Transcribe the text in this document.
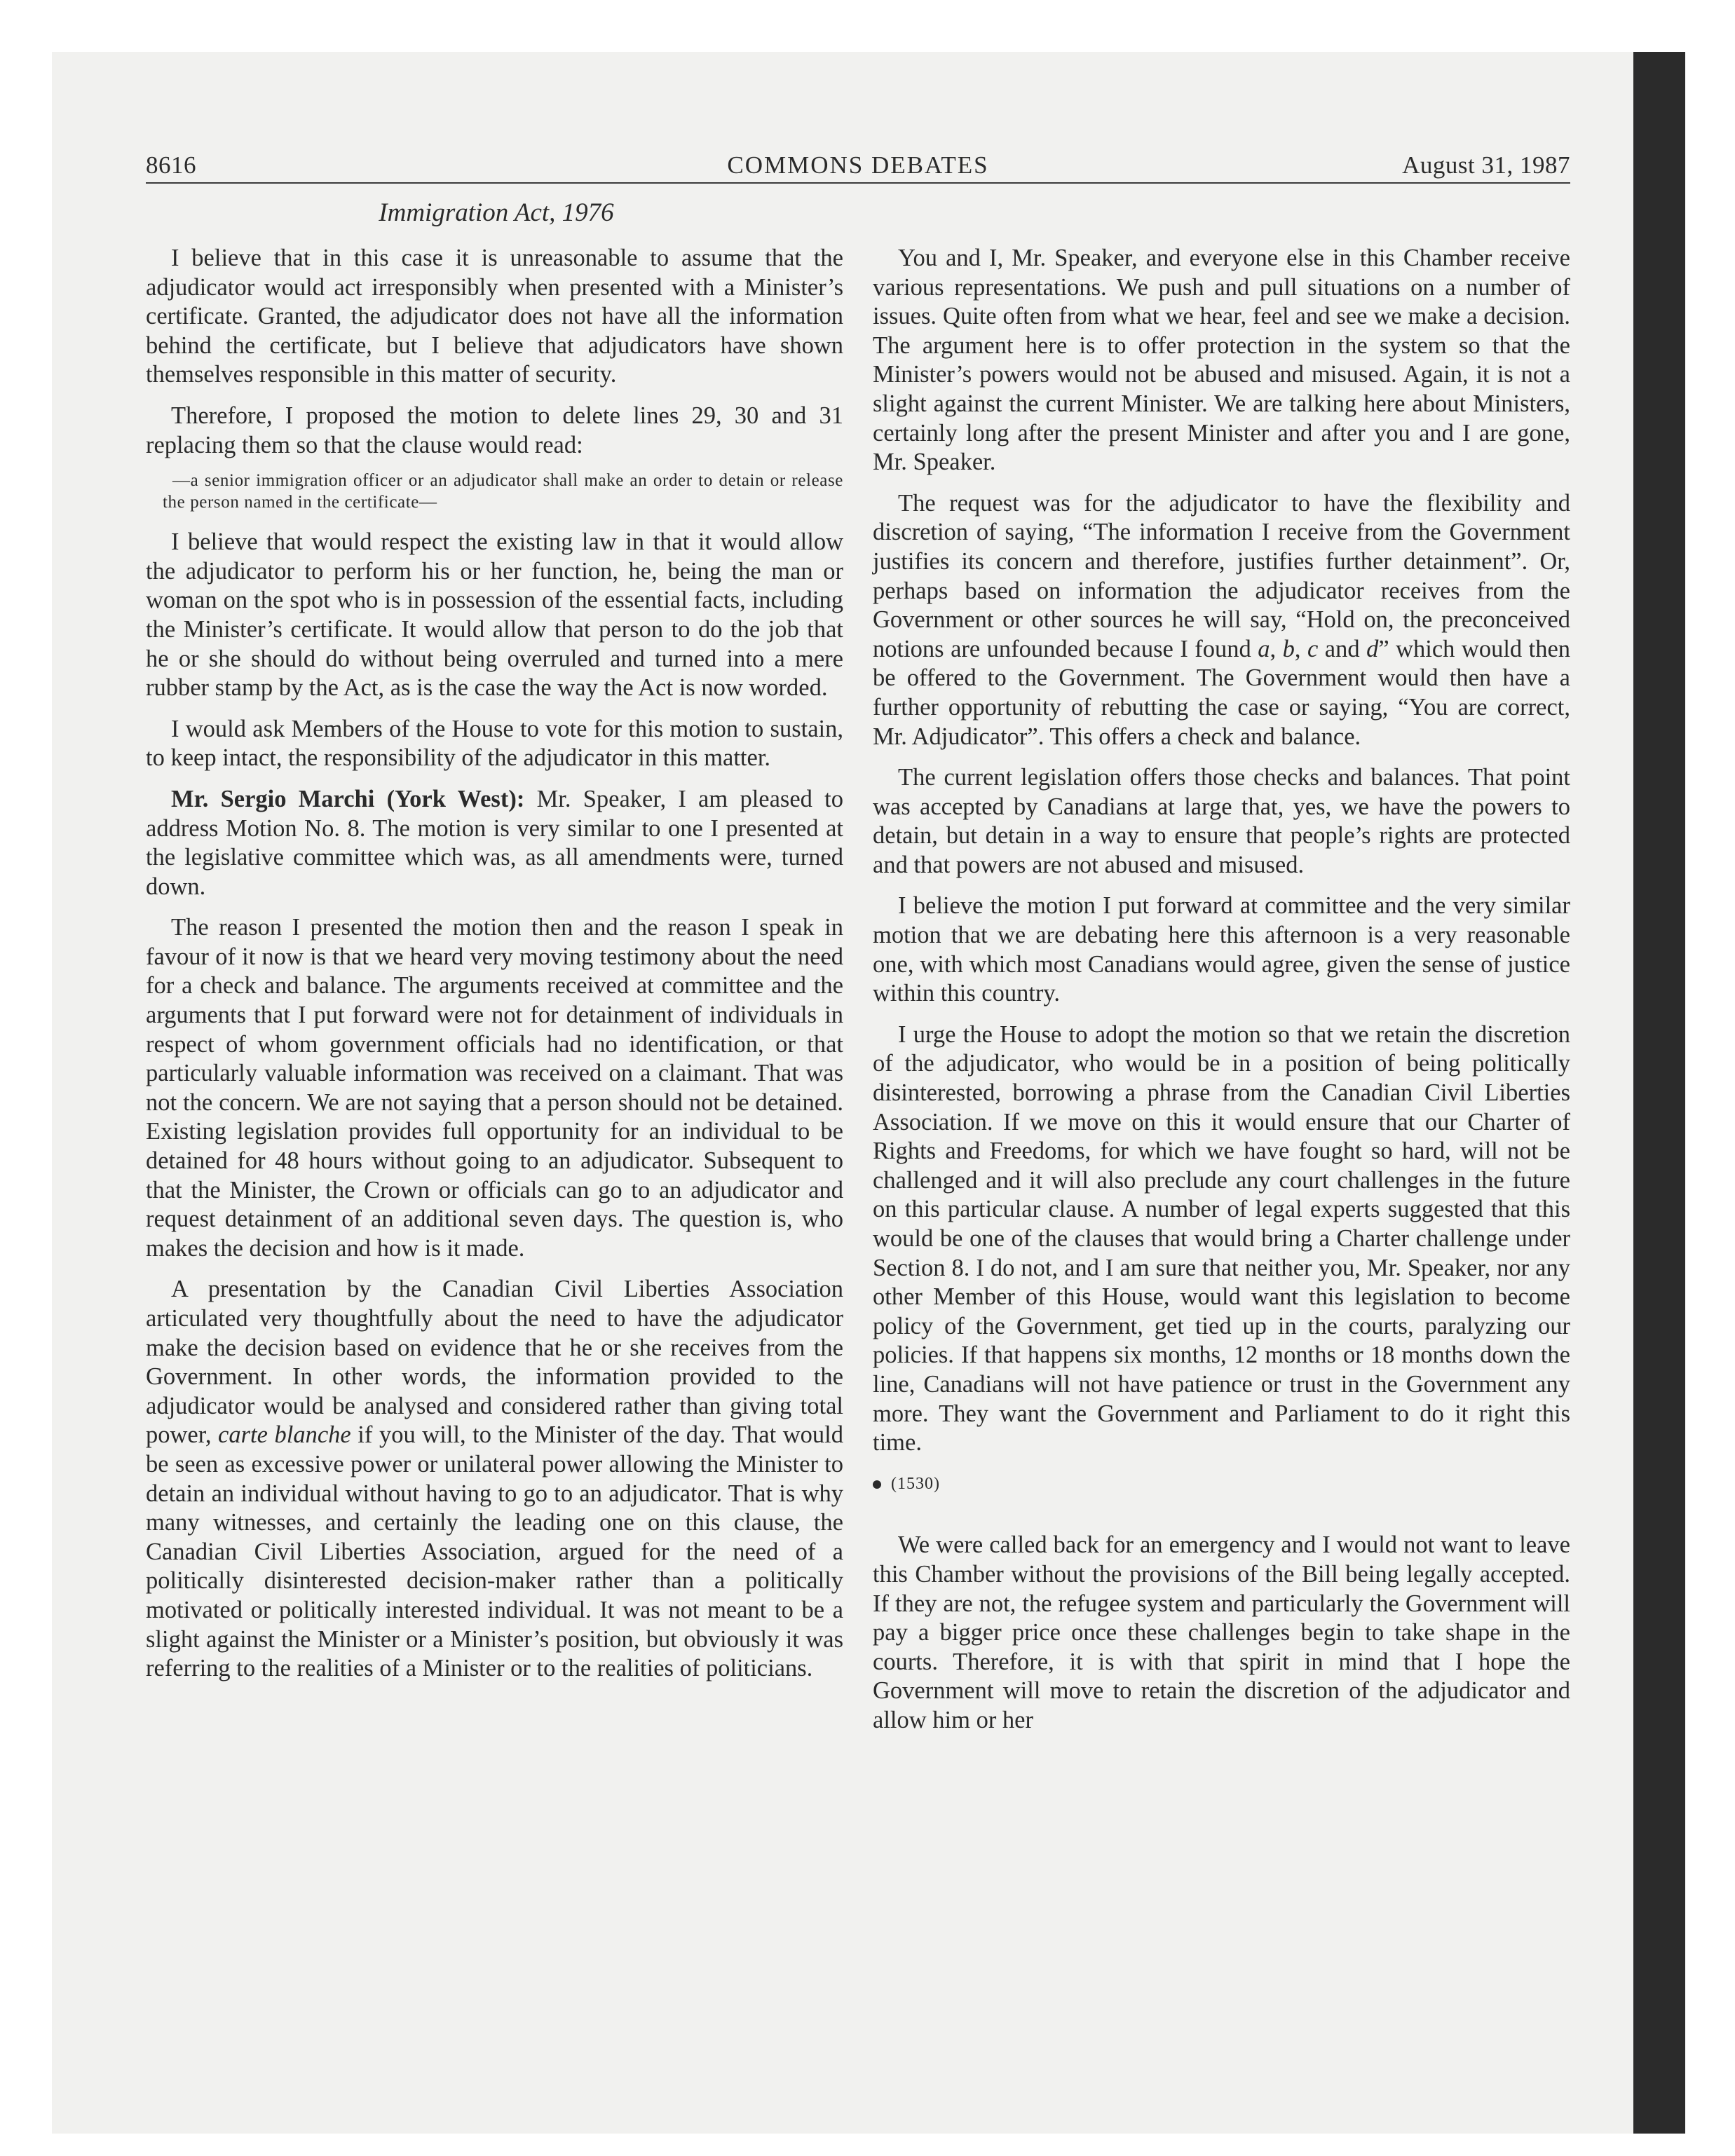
8616	COMMONS DEBATES	August 31, 1987
Immigration Act, 1976

I believe that in this case it is unreasonable to assume that the adjudicator would act irresponsibly when presented with a Minister’s certificate. Granted, the adjudicator does not have all the information behind the certificate, but I believe that adjudicators have shown themselves responsible in this matter of security.

Therefore, I proposed the motion to delete lines 29, 30 and 31 replacing them so that the clause would read:

—a senior immigration officer or an adjudicator shall make an order to detain or release the person named in the certificate—

I believe that would respect the existing law in that it would allow the adjudicator to perform his or her function, he, being the man or woman on the spot who is in possession of the essential facts, including the Minister’s certificate. It would allow that person to do the job that he or she should do without being overruled and turned into a mere rubber stamp by the Act, as is the case the way the Act is now worded.

I would ask Members of the House to vote for this motion to sustain, to keep intact, the responsibility of the adjudicator in this matter.

Mr. Sergio Marchi (York West): Mr. Speaker, I am pleased to address Motion No. 8. The motion is very similar to one I presented at the legislative committee which was, as all amendments were, turned down.

The reason I presented the motion then and the reason I speak in favour of it now is that we heard very moving testimony about the need for a check and balance. The arguments received at committee and the arguments that I put forward were not for detainment of individuals in respect of whom government officials had no identification, or that particularly valuable information was received on a claimant. That was not the concern. We are not saying that a person should not be detained. Existing legislation provides full opportunity for an individual to be detained for 48 hours without going to an adjudicator. Subsequent to that the Minister, the Crown or officials can go to an adjudicator and request detainment of an additional seven days. The question is, who makes the decision and how is it made.

A presentation by the Canadian Civil Liberties Association articulated very thoughtfully about the need to have the adjudicator make the decision based on evidence that he or she receives from the Government. In other words, the information provided to the adjudicator would be analysed and considered rather than giving total power, carte blanche if you will, to the Minister of the day. That would be seen as excessive power or unilateral power allowing the Minister to detain an individual without having to go to an adjudicator. That is why many witnesses, and certainly the leading one on this clause, the Canadian Civil Liberties Association, argued for the need of a politically disinterested decision-maker rather than a politically motivated or politically interested individual. It was not meant to be a slight against the Minister or a Minister’s position, but obviously it was referring to the realities of a Minister or to the realities of politicians.

You and I, Mr. Speaker, and everyone else in this Chamber receive various representations. We push and pull situations on a number of issues. Quite often from what we hear, feel and see we make a decision. The argument here is to offer protection in the system so that the Minister’s powers would not be abused and misused. Again, it is not a slight against the current Minister. We are talking here about Ministers, certainly long after the present Minister and after you and I are gone, Mr. Speaker.

The request was for the adjudicator to have the flexibility and discretion of saying, “The information I receive from the Government justifies its concern and therefore, justifies further detainment”. Or, perhaps based on information the adjudicator receives from the Government or other sources he will say, “Hold on, the preconceived notions are unfounded because I found a, b, c and d” which would then be offered to the Government. The Government would then have a further opportunity of rebutting the case or saying, “You are correct, Mr. Adjudicator”. This offers a check and balance.

The current legislation offers those checks and balances. That point was accepted by Canadians at large that, yes, we have the powers to detain, but detain in a way to ensure that people’s rights are protected and that powers are not abused and misused.

I believe the motion I put forward at committee and the very similar motion that we are debating here this afternoon is a very reasonable one, with which most Canadians would agree, given the sense of justice within this country.

I urge the House to adopt the motion so that we retain the discretion of the adjudicator, who would be in a position of being politically disinterested, borrowing a phrase from the Canadian Civil Liberties Association. If we move on this it would ensure that our Charter of Rights and Freedoms, for which we have fought so hard, will not be challenged and it will also preclude any court challenges in the future on this particular clause. A number of legal experts suggested that this would be one of the clauses that would bring a Charter challenge under Section 8. I do not, and I am sure that neither you, Mr. Speaker, nor any other Member of this House, would want this legislation to become policy of the Government, get tied up in the courts, paralyzing our policies. If that happens six months, 12 months or 18 months down the line, Canadians will not have patience or trust in the Government any more. They want the Government and Parliament to do it right this time.

(1530)

We were called back for an emergency and I would not want to leave this Chamber without the provisions of the Bill being legally accepted. If they are not, the refugee system and particularly the Government will pay a bigger price once these challenges begin to take shape in the courts. Therefore, it is with that spirit in mind that I hope the Government will move to retain the discretion of the adjudicator and allow him or her
